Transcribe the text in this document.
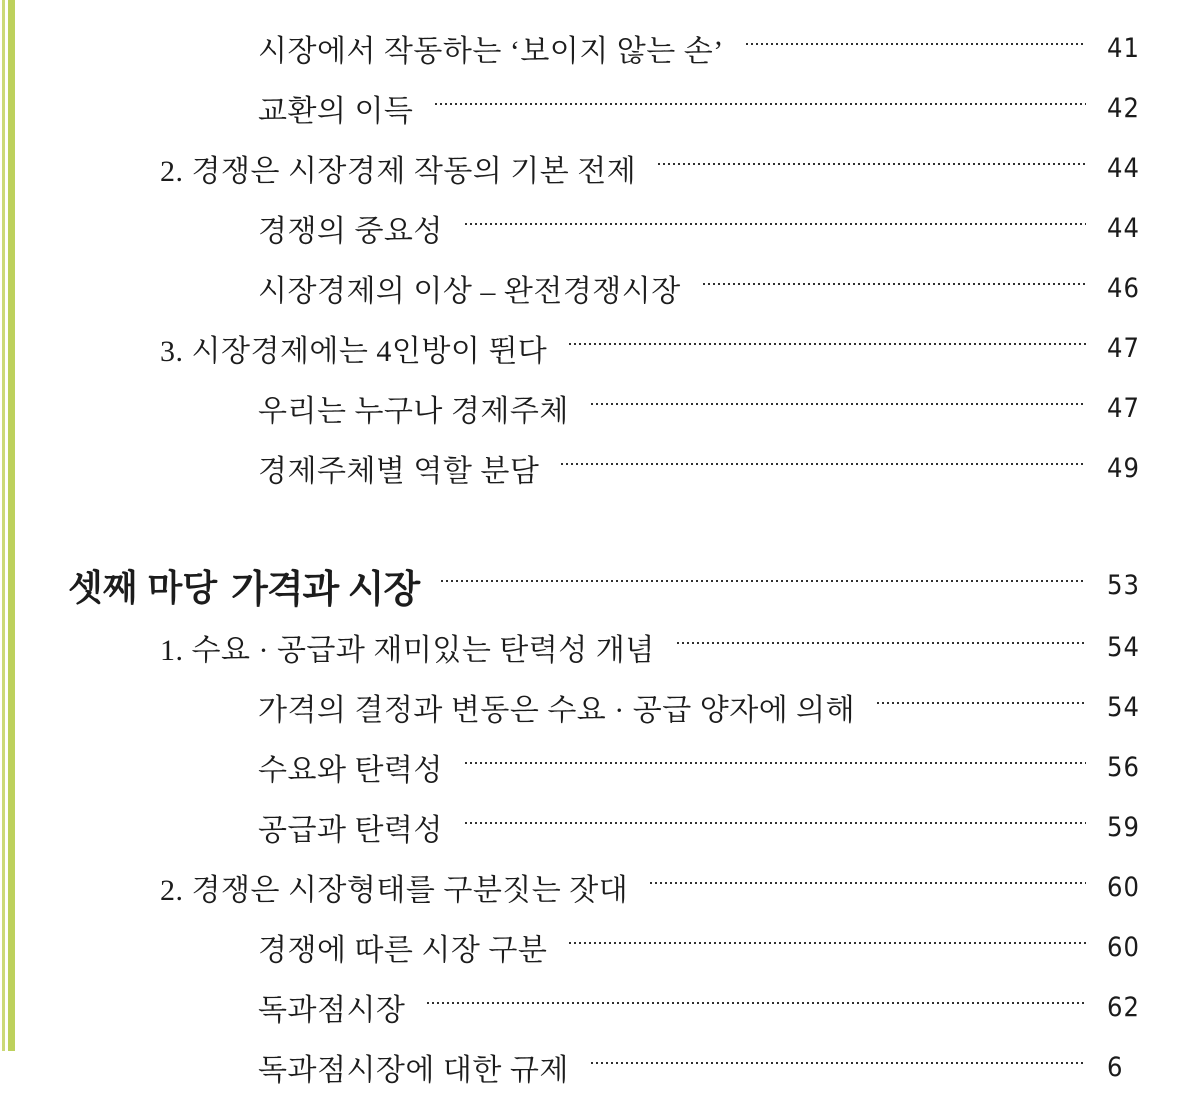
시장에서 작동하는 ‘보이지 않는 손’	41
교환의 이득	42
2. 경쟁은 시장경제 작동의 기본 전제	44
경쟁의 중요성	44
시장경제의 이상 – 완전경쟁시장	46
3. 시장경제에는 4인방이 뛴다	47
우리는 누구나 경제주체	47
경제주체별 역할 분담	49
셋째 마당 가격과 시장	53
1. 수요 · 공급과 재미있는 탄력성 개념	54
가격의 결정과 변동은 수요 · 공급 양자에 의해	54
수요와 탄력성	56
공급과 탄력성	59
2. 경쟁은 시장형태를 구분짓는 잣대	60
경쟁에 따른 시장 구분	60
독과점시장	62
독과점시장에 대한 규제	6
